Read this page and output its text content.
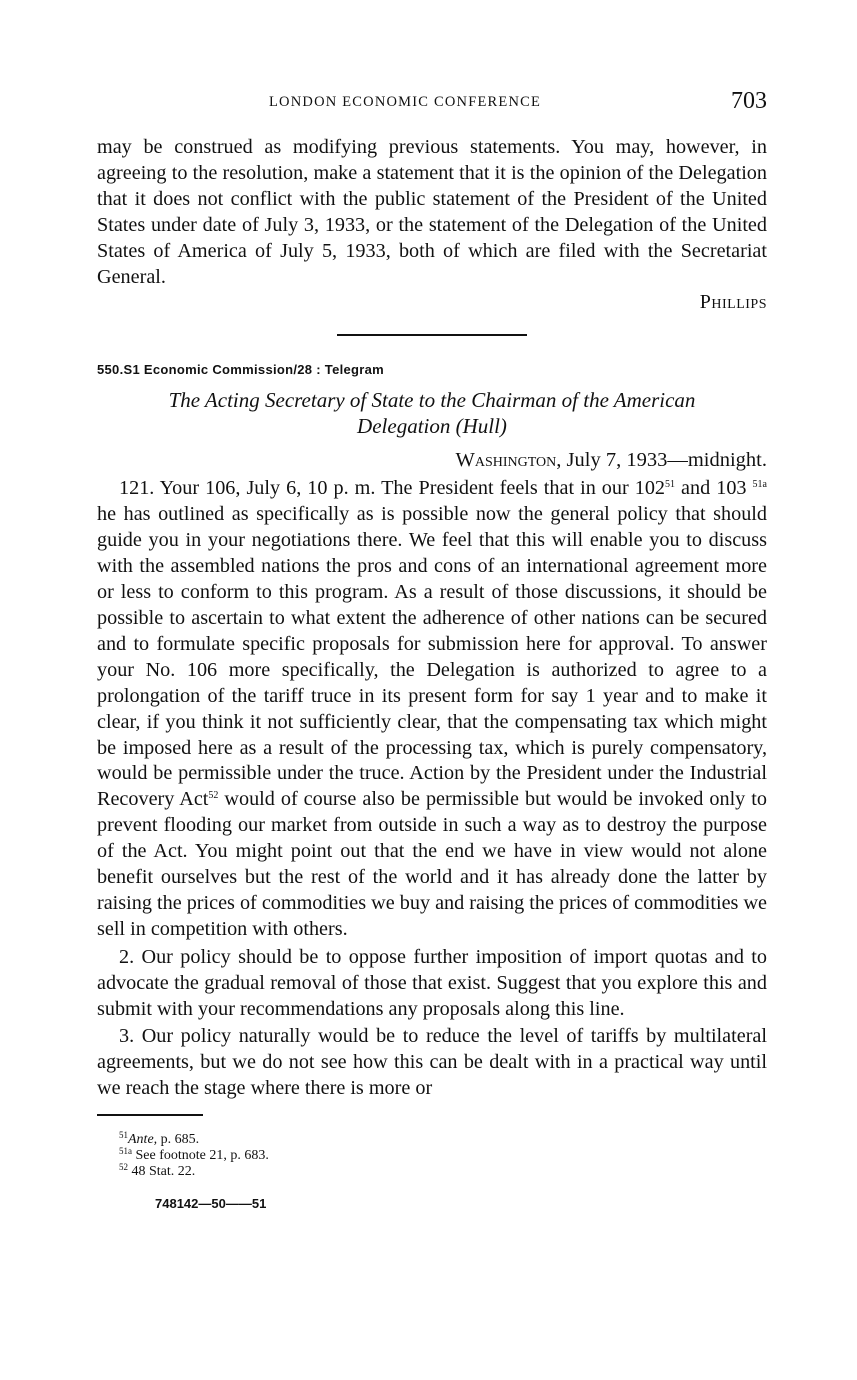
LONDON ECONOMIC CONFERENCE	703

may be construed as modifying previous statements. You may, however, in agreeing to the resolution, make a statement that it is the opinion of the Delegation that it does not conflict with the public statement of the President of the United States under date of July 3, 1933, or the statement of the Delegation of the United States of America of July 5, 1933, both of which are filed with the Secretariat General.

Phillips
550.S1 Economic Commission/28 : Telegram
The Acting Secretary of State to the Chairman of the American
Delegation (Hull)
Washington, July 7, 1933—midnight.

121. Your 106, July 6, 10 p. m. The President feels that in our $102^{51}$ and 103 $^{51a}$ he has outlined as specifically as is possible now the general policy that should guide you in your negotiations there. We feel that this will enable you to discuss with the assembled nations the pros and cons of an international agreement more or less to conform to this program. As a result of those discussions, it should be possible to ascertain to what extent the adherence of other nations can be secured and to formulate specific proposals for submission here for approval. To answer your No. 106 more specifically, the Delegation is authorized to agree to a prolongation of the tariff truce in its present form for say 1 year and to make it clear, if you think it not sufficiently clear, that the compensating tax which might be imposed here as a result of the processing tax, which is purely compensatory, would be permissible under the truce. Action by the President under the Industrial Recovery Act$^{52}$ would of course also be permissible but would be invoked only to prevent flooding our market from outside in such a way as to destroy the purpose of the Act. You might point out that the end we have in view would not alone benefit ourselves but the rest of the world and it has already done the latter by raising the prices of commodities we buy and raising the prices of commodities we sell in competition with others.

2. Our policy should be to oppose further imposition of import quotas and to advocate the gradual removal of those that exist. Suggest that you explore this and submit with your recommendations any proposals along this line.

3. Our policy naturally would be to reduce the level of tariffs by multilateral agreements, but we do not see how this can be dealt with in a practical way until we reach the stage where there is more or

$^{51}$Ante, p. 685.
$^{51a}$ See footnote 21, p. 683.
$^{52}$ 48 Stat. 22.
748142—50——51
